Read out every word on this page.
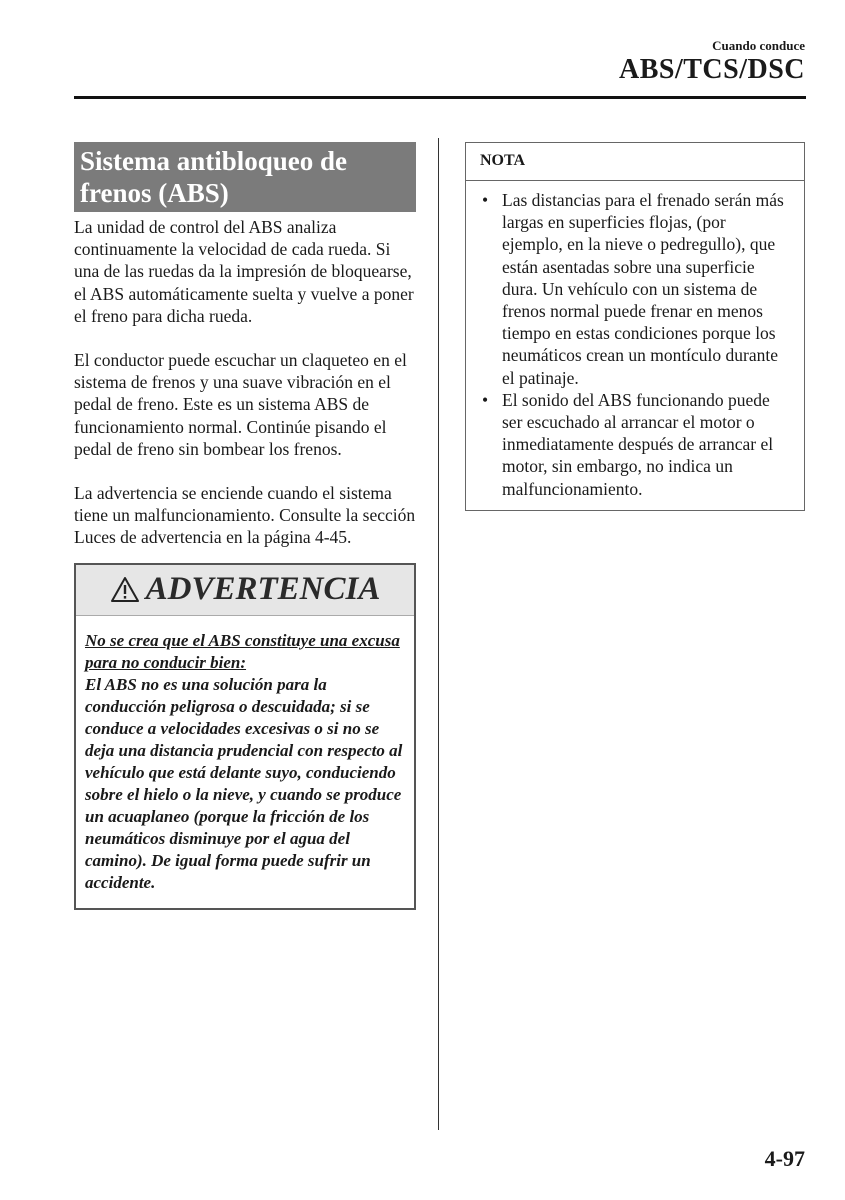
Cuando conduce
ABS/TCS/DSC
Sistema antibloqueo de frenos (ABS)

La unidad de control del ABS analiza continuamente la velocidad de cada rueda. Si una de las ruedas da la impresión de bloquearse, el ABS automáticamente suelta y vuelve a poner el freno para dicha rueda.

El conductor puede escuchar un claqueteo en el sistema de frenos y una suave vibración en el pedal de freno. Este es un sistema ABS de funcionamiento normal. Continúe pisando el pedal de freno sin bombear los frenos.

La advertencia se enciende cuando el sistema tiene un malfuncionamiento. Consulte la sección Luces de advertencia en la página 4-45.

ADVERTENCIA
No se crea que el ABS constituye una excusa para no conducir bien:
El ABS no es una solución para la conducción peligrosa o descuidada; si se conduce a velocidades excesivas o si no se deja una distancia prudencial con respecto al vehículo que está delante suyo, conduciendo sobre el hielo o la nieve, y cuando se produce un acuaplaneo (porque la fricción de los neumáticos disminuye por el agua del camino). De igual forma puede sufrir un accidente.
NOTA
• Las distancias para el frenado serán más largas en superficies flojas, (por ejemplo, en la nieve o pedregullo), que están asentadas sobre una superficie dura. Un vehículo con un sistema de frenos normal puede frenar en menos tiempo en estas condiciones porque los neumáticos crean un montículo durante el patinaje.
• El sonido del ABS funcionando puede ser escuchado al arrancar el motor o inmediatamente después de arrancar el motor, sin embargo, no indica un malfuncionamiento.
4-97
